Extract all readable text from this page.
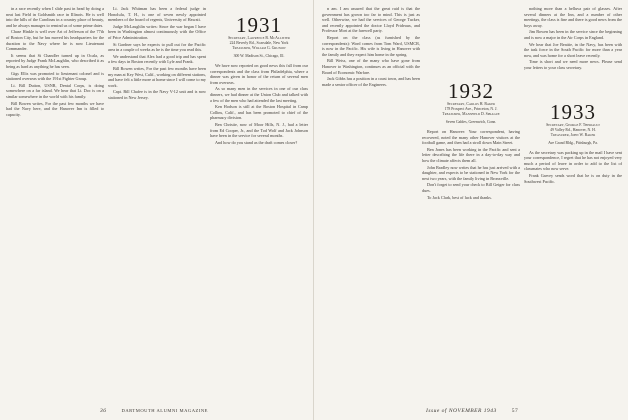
in a race recently when I slide past in head by doing a neat last Field in Goldsmith race in Illinois. He is well into the hills of the Carolinas in a country place of beauty, and he always manages to remind us of some prime dates.

Chase Hinkle is well over Art of Jefferson of the 77th of Boston City, but he has moved his headquarters for the duration to the Navy where he is now Lieutenant Commander.

It seems that Si Chandler turned up in Ocala, as reported by Judge Frank McLaughlin, who described it as being as hard as anything he has seen.

Gigs Ellis was promoted to lieutenant colonel and is stationed overseas with the 191st Fighter Group.

Lt. Bill Dutton, USNR, Dental Corps, is doing somewhere on a far island. We hear that Lt. Doc is on a similar somewhere in the world with his family.

Bill Bowen writes, For the past few months we have had the Navy here, and the Hanover Inn is filled to capacity.

Lt. Jack Whitman has been a federal judge in Honolulu, T. H., is one of seven newly appointed members of the board of regents, University of Hawaii.

Judge McLaughlin writes: Since the war began I have been in Washington almost continuously with the Office of Price Administration.

Si Gardner says he expects to pull out for the Pacific area in a couple of weeks as he is the time you read this.

We understand that Alex had a good trip and has spent a few days in Boston recently with Lyle and Frank.

Bill Bowen writes, For the past few months have been my man at Key West, Calif., working on different stations, and have felt a little more at home since I will come to my work.

Capt. Bill Chafee is in the Navy V-12 unit and is now stationed in New Jersey.

1931
Secretary, Lawrence B. McAllister
224 Beverly Rd., Scarsdale, New York
Treasurer, William G. Grunow
300 W. Madison St., Chicago, Ill.

We have now reported on good news this fall from our correspondents and the class from Philadelphia, where a dinner was given in honor of the return of several men from overseas.

As so many men in the services in one of our class dinners, we had dinner at the Union Club and talked with a few of the men who had attended the last meeting.

Ken Hodson is still at the Boston Hospital in Camp Collins, Calif., and has been promoted to chief of the pharmacy division.

Ben Christie, now of Moor Hills, N. J., had a letter from Ed Cooper, Jr., and the Tod Wolf and Jack Johnson have been in the service for several months.

And how do you stand as the draft comes closer?

36	DARTMOUTH ALUMNI MAGAZINE

n am. I am assured that the great raid is that the government has grown too far to mind. This is just as well. Otherwise, we had the services of George Tucker, and recently appointed the doctor Lloyd Prideaux, and Professor Mort at the farewell party.

Report on the class (as furnished by the correspondents): Word comes from Tom Ward, USMCR, is now in the Pacific. His wife is living in Hanover with the family and they expect him home in the spring.

Bill Weiss, one of the many who have gone from Hanover to Washington, continues as an official with the Board of Economic Warfare.

Jack Gibbs has a position in a coast town, and has been made a senior officer of the Engineers.	1932
Secretary, Carlos H. Baker
178 Prospect Ave., Princeton, N. J.
Treasurer, Mansfield D. Sprague
Seven Gables, Greenwich, Conn.

Report on Hanover: Your correspondent, having recovered, noted the many other Hanover visitors at the football game, and then had a stroll down Main Street.

Ben Jones has been working in the Pacific and sent a letter describing the life there in a day-to-day way and how the climate affects them all.

John Bradley now writes that he has just arrived with a daughter, and expects to be stationed in New York for the next two years, with the family living in Bronxville.

Don't forget to send your check to Bill Geiger for class dues.

To Jack Clark, best of luck and thanks.

nothing more than a helluva pair of glasses. After several dinners at the Inn, and a number of other meetings, the class is fine and there is good news from the boys away.

Jim Bowen has been in the service since the beginning and is now a major in the Air Corps in England.

We hear that Joe Beattie, in the Navy, has been with the task force in the South Pacific for more than a year now, and was home for a short leave recently.

Time is short and we need more news. Please send your letters to your class secretary.

1933
Secretary, George F. Theriault
49 Valley Rd., Hanover, N. H.
Treasurer, John W. Baker
Ave Grand Bldg., Pittsburgh, Pa.

As the secretary was packing up in the mail I have sent your correspondence, I regret that he has not enjoyed very much a period of leave in order to add to the list of classmates who now serve.

Frank Garvey sends word that he is on duty in the Southwest Pacific.

Issue of NOVEMBER 1943	57
